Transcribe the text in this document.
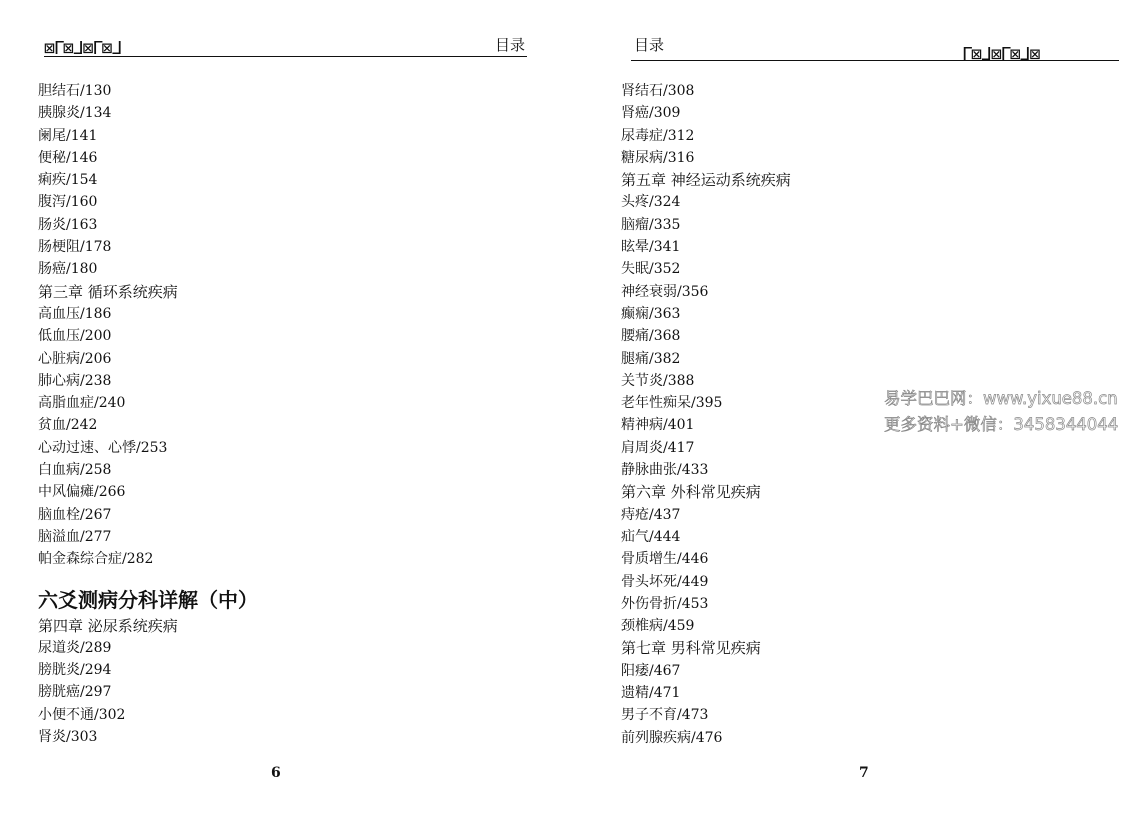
⊠ᒥ⊠ᒧ⊠ᒥ⊠ᒧ	目录
6
胆结石/130
胰腺炎/134
阑尾/141
便秘/146
痢疾/154
腹泻/160
肠炎/163
肠梗阻/178
肠癌/180
第三章 循环系统疾病
高血压/186
低血压/200
心脏病/206
肺心病/238
高脂血症/240
贫血/242
心动过速、心悸/253
白血病/258
中风偏瘫/266
脑血栓/267
脑溢血/277
帕金森综合症/282
六爻测病分科详解（中）
第四章 泌尿系统疾病
尿道炎/289
膀胱炎/294
膀胱癌/297
小便不通/302
肾炎/303
目录	ᒥ⊠ᒧ⊠ᒥ⊠ᒧ⊠
肾结石/308
肾癌/309
尿毒症/312
糖尿病/316
第五章 神经运动系统疾病
头疼/324
脑瘤/335
眩晕/341
失眠/352
神经衰弱/356
癫痫/363
腰痛/368
腿痛/382
关节炎/388
老年性痴呆/395
精神病/401
肩周炎/417
静脉曲张/433
第六章 外科常见疾病
痔疮/437
疝气/444
骨质增生/446
骨头坏死/449
外伤骨折/453
颈椎病/459
第七章 男科常见疾病
阳痿/467
遗精/471
男子不育/473
前列腺疾病/476
7
易学巴巴网：www.yixue88.cn
更多资料+微信：3458344044
